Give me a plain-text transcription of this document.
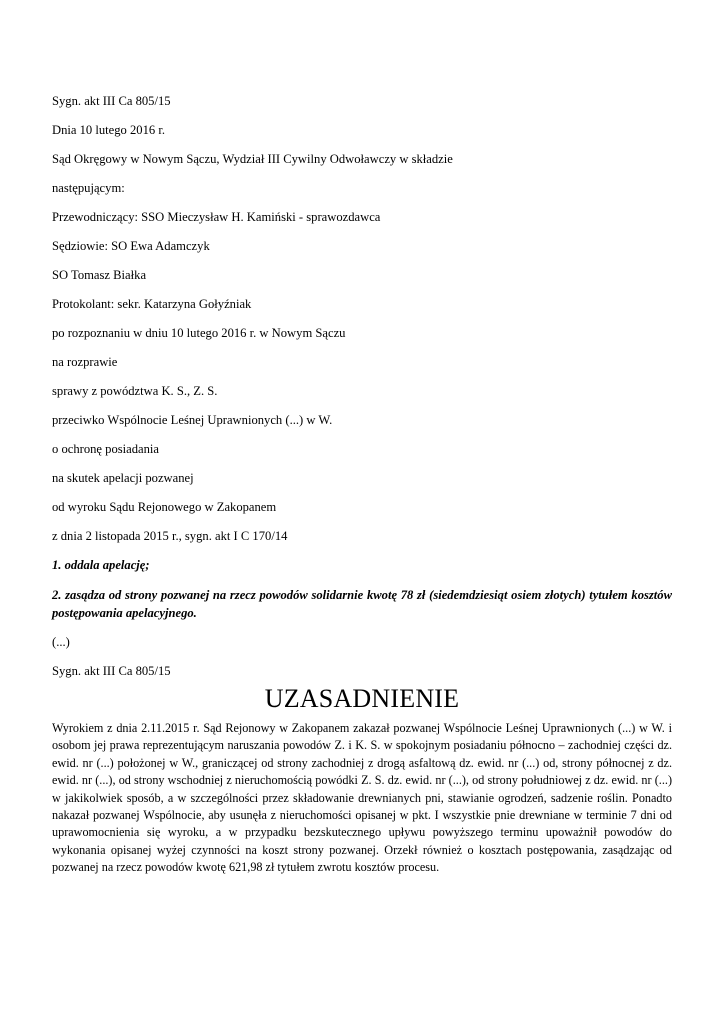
Sygn. akt III Ca 805/15

Dnia 10 lutego 2016 r.

Sąd Okręgowy w Nowym Sączu, Wydział III Cywilny Odwoławczy w składzie

następującym:

Przewodniczący: SSO Mieczysław H. Kamiński - sprawozdawca

Sędziowie: SO Ewa Adamczyk

SO Tomasz Białka

Protokolant: sekr. Katarzyna Gołyźniak

po rozpoznaniu w dniu 10 lutego 2016 r. w Nowym Sączu

na rozprawie

sprawy z powództwa K. S., Z. S.

przeciwko Wspólnocie Leśnej Uprawnionych (...) w W.

o ochronę posiadania

na skutek apelacji pozwanej

od wyroku Sądu Rejonowego w Zakopanem

z dnia 2 listopada 2015 r., sygn. akt I C 170/14

1. oddala apelację;

2. zasądza od strony pozwanej na rzecz powodów solidarnie kwotę 78 zł (siedemdziesiąt osiem złotych) tytułem kosztów postępowania apelacyjnego.

(...)

Sygn. akt III Ca 805/15

UZASADNIENIE

Wyrokiem z dnia 2.11.2015 r. Sąd Rejonowy w Zakopanem zakazał pozwanej Wspólnocie Leśnej Uprawnionych (...) w W. i osobom jej prawa reprezentującym naruszania powodów Z. i K. S. w spokojnym posiadaniu północno – zachodniej części dz. ewid. nr (...) położonej w W., graniczącej od strony zachodniej z drogą asfaltową dz. ewid. nr (...) od, strony północnej z dz. ewid. nr (...), od strony wschodniej z nieruchomością powódki Z. S. dz. ewid. nr (...), od strony południowej z dz. ewid. nr (...) w jakikolwiek sposób, a w szczególności przez składowanie drewnianych pni, stawianie ogrodzeń, sadzenie roślin. Ponadto nakazał pozwanej Wspólnocie, aby usunęła z nieruchomości opisanej w pkt. I wszystkie pnie drewniane w terminie 7 dni od uprawomocnienia się wyroku, a w przypadku bezskutecznego upływu powyższego terminu upoważnił powodów do wykonania opisanej wyżej czynności na koszt strony pozwanej. Orzekł również o kosztach postępowania, zasądzając od pozwanej na rzecz powodów kwotę 621,98 zł tytułem zwrotu kosztów procesu.
